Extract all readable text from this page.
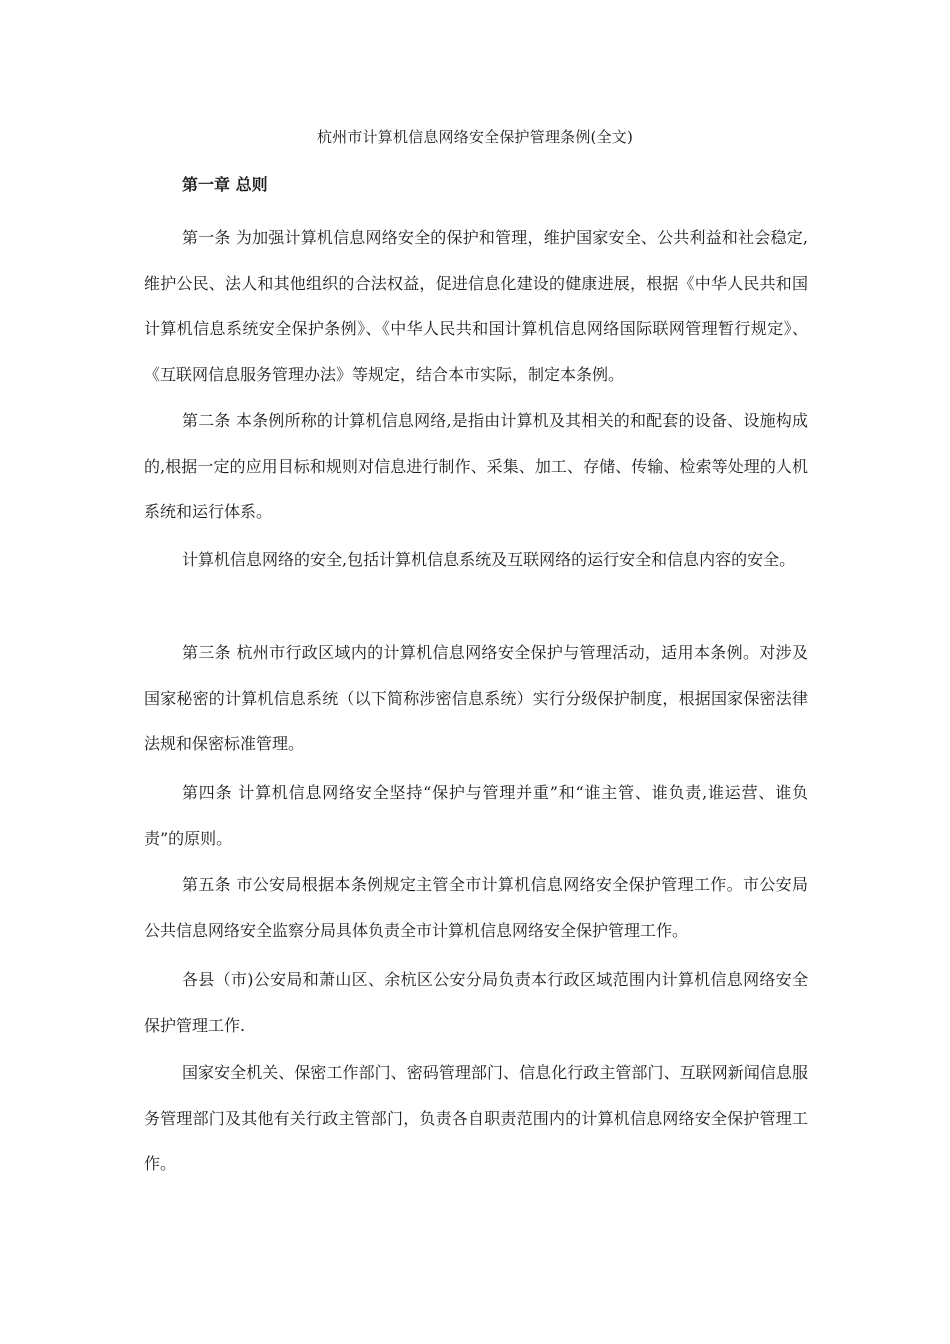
杭州市计算机信息网络安全保护管理条例(全文)
第一章 总则

第一条 为加强计算机信息网络安全的保护和管理，维护国家安全、公共利益和社会稳定,维护公民、法人和其他组织的合法权益，促进信息化建设的健康进展，根据《中华人民共和国计算机信息系统安全保护条例》、《中华人民共和国计算机信息网络国际联网管理暂行规定》、《互联网信息服务管理办法》等规定，结合本市实际，制定本条例。

第二条 本条例所称的计算机信息网络,是指由计算机及其相关的和配套的设备、设施构成的,根据一定的应用目标和规则对信息进行制作、采集、加工、存储、传输、检索等处理的人机系统和运行体系。

计算机信息网络的安全,包括计算机信息系统及互联网络的运行安全和信息内容的安全。

第三条 杭州市行政区域内的计算机信息网络安全保护与管理活动，适用本条例。对涉及国家秘密的计算机信息系统（以下简称涉密信息系统）实行分级保护制度，根据国家保密法律法规和保密标准管理。

第四条 计算机信息网络安全坚持“保护与管理并重”和“谁主管、谁负责,谁运营、谁负责”的原则。

第五条 市公安局根据本条例规定主管全市计算机信息网络安全保护管理工作。市公安局公共信息网络安全监察分局具体负责全市计算机信息网络安全保护管理工作。

各县（市)公安局和萧山区、余杭区公安分局负责本行政区域范围内计算机信息网络安全保护管理工作.

国家安全机关、保密工作部门、密码管理部门、信息化行政主管部门、互联网新闻信息服务管理部门及其他有关行政主管部门，负责各自职责范围内的计算机信息网络安全保护管理工作。
